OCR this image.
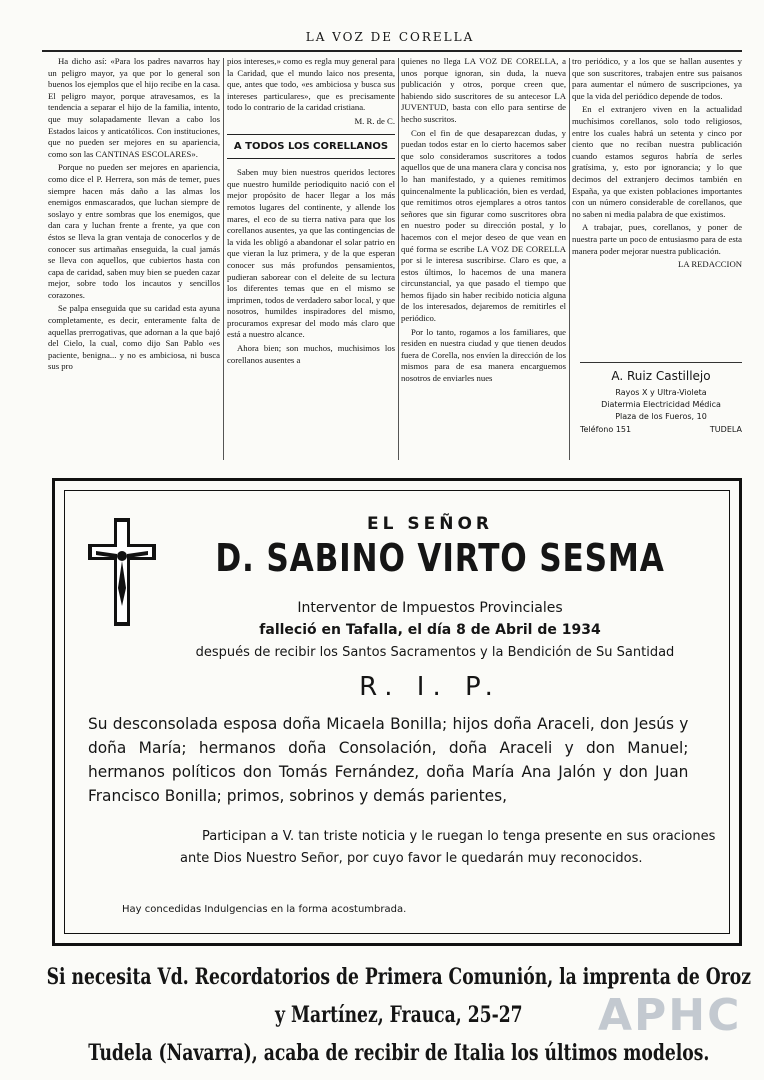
LA VOZ DE CORELLA

Ha dicho así: «Para los padres navarros hay un peligro mayor, ya que por lo general son buenos los ejemplos que el hijo recibe en la casa. El peligro mayor, porque atravesamos, es la tendencia a separar el hijo de la familia, intento, que muy solapadamente llevan a cabo los Estados laicos y anticatólicos. Con instituciones, que no pueden ser mejores en su apariencia, como son las CANTINAS ESCOLARES».

Porque no pueden ser mejores en apariencia, como dice el P. Herrera, son más de temer, pues siempre hacen más daño a las almas los enemigos enmascarados, que luchan siempre de soslayo y entre sombras que los enemigos, que dan cara y luchan frente a frente, ya que con éstos se lleva la gran ventaja de conocerlos y de conocer sus artimañas enseguida, la cual jamás se lleva con aquellos, que cubiertos hasta con capa de caridad, saben muy bien se pueden cazar mejor, sobre todo los incautos y sencillos corazones.

Se palpa enseguida que su caridad esta ayuna completamente, es decir, enteramente falta de aquellas prerrogativas, que adornan a la que bajó del Cielo, la cual, como dijo San Pablo «es paciente, benigna... y no es ambiciosa, ni busca sus pro

pios intereses,» como es regla muy general para la Caridad, que el mundo laico nos presenta, que, antes que todo, «es ambiciosa y busca sus intereses particulares», que es precisamente todo lo contrario de la caridad cristiana.

M. R. de C.

A TODOS LOS CORELLANOS

Saben muy bien nuestros queridos lectores que nuestro humilde periodiquito nació con el mejor propósito de hacer llegar a los más remotos lugares del continente, y allende los mares, el eco de su tierra nativa para que los corellanos ausentes, ya que las contingencias de la vida les obligó a abandonar el solar patrio en que vieran la luz primera, y de la que esperan conocer sus más profundos pensamientos, pudieran saborear con el deleite de su lectura los diferentes temas que en el mismo se imprimen, todos de verdadero sabor local, y que nosotros, humildes inspiradores del mismo, procuramos expresar del modo más claro que está a nuestro alcance.

Ahora bien; son muchos, muchisimos los corellanos ausentes a

quienes no llega LA VOZ DE CORELLA, a unos porque ignoran, sin duda, la nueva publicación y otros, porque creen que, habiendo sido suscritores de su antecesor LA JUVENTUD, basta con ello para sentirse de hecho suscritos.

Con el fin de que desaparezcan dudas, y puedan todos estar en lo cierto hacemos saber que solo consideramos suscritores a todos aquellos que de una manera clara y concisa nos lo han manifestado, y a quienes remitimos quincenalmente la publicación, bien es verdad, que remitimos otros ejemplares a otros tantos señores que sin figurar como suscritores obra en nuestro poder su dirección postal, y lo hacemos con el mejor deseo de que vean en qué forma se escribe LA VOZ DE CORELLA por si le interesa suscribirse. Claro es que, a estos últimos, lo hacemos de una manera circunstancial, ya que pasado el tiempo que hemos fijado sin haber recibido noticia alguna de los interesados, dejaremos de remitirles el periódico.

Por lo tanto, rogamos a los familiares, que residen en nuestra ciudad y que tienen deudos fuera de Corella, nos envíen la dirección de los mismos para de esa manera encarguemos nosotros de enviarles nues

tro periódico, y a los que se hallan ausentes y que son suscritores, trabajen entre sus paisanos para aumentar el número de suscripciones, ya que la vida del periódico depende de todos.

En el extranjero viven en la actualidad muchísimos corellanos, solo todo religiosos, entre los cuales habrá un setenta y cinco por ciento que no reciban nuestra publicación cuando estamos seguros habría de serles gratísima, y, esto por ignorancia; y lo que decimos del extranjero decimos también en España, ya que existen poblaciones importantes con un número considerable de corellanos, que no saben ni media palabra de que existimos.

A trabajar, pues, corellanos, y poner de nuestra parte un poco de entusiasmo para de esta manera poder mejorar nuestra publicación.

LA REDACCION

A. Ruiz Castillejo
Rayos X y Ultra-Violeta
Diatermia Electricidad Médica
Plaza de los Fueros, 10
Teléfono 151	TUDELA
EL SEÑOR
D. SABINO VIRTO SESMA
Interventor de Impuestos Provinciales
falleció en Tafalla, el día 8 de Abril de 1934
después de recibir los Santos Sacramentos y la Bendición de Su Santidad
R. I. P.
Su desconsolada esposa doña Micaela Bonilla; hijos doña Araceli, don Jesús y doña María; hermanos doña Consolación, doña Araceli y don Manuel; hermanos políticos don Tomás Fernández, doña María Ana Jalón y don Juan Francisco Bonilla; primos, sobrinos y demás parientes,
Participan a V. tan triste noticia y le ruegan lo tenga presente en sus oraciones ante Dios Nuestro Señor, por cuyo favor le quedarán muy reconocidos.
Hay concedidas Indulgencias en la forma acostumbrada.
Si necesita Vd. Recordatorios de Primera Comunión, la imprenta de Oroz y Martínez, Frauca, 25-27
Tudela (Navarra), acaba de recibir de Italia los últimos modelos.
APHC
